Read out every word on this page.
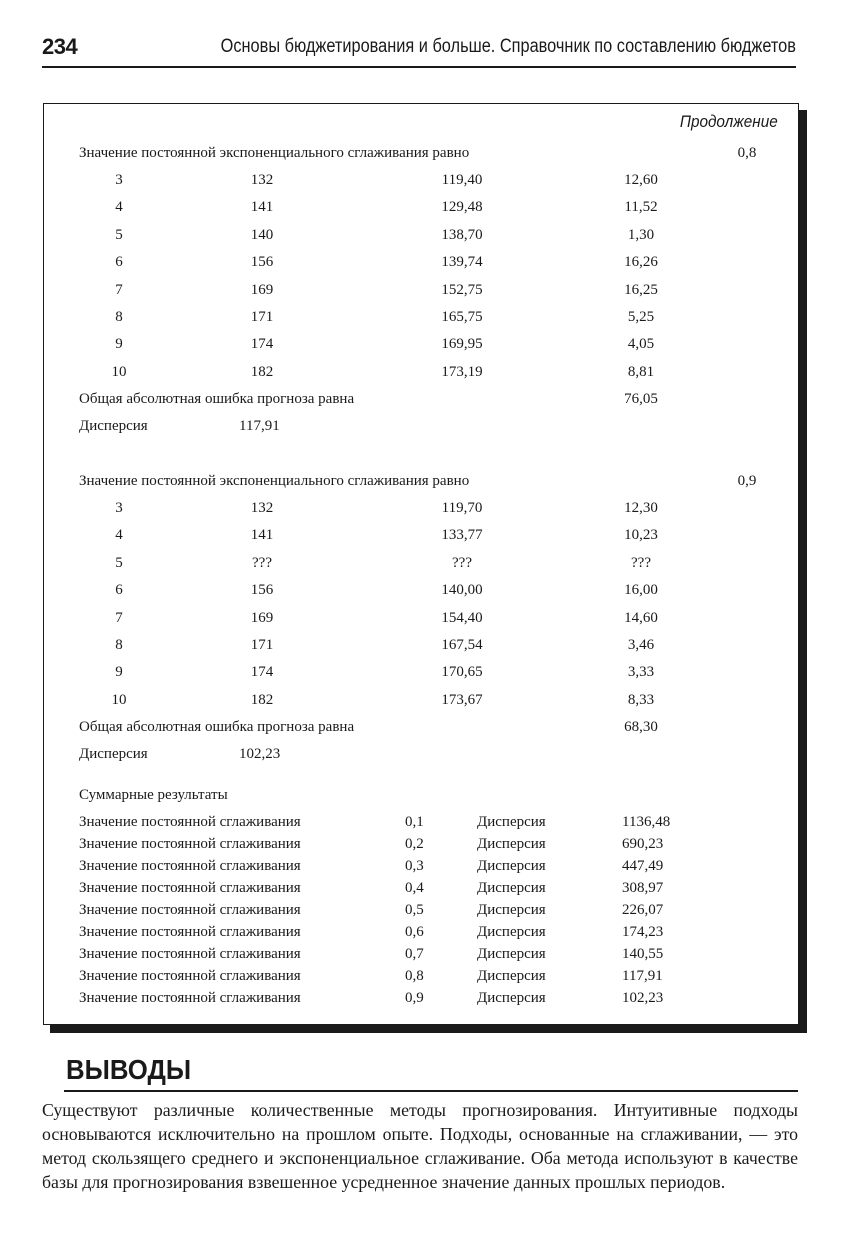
234	Основы бюджетирования и больше. Справочник по составлению бюджетов
Продолжение
Значение постоянной экспоненциального сглаживания равно	0,8
3	132	119,40	12,60
4	141	129,48	11,52
5	140	138,70	1,30
6	156	139,74	16,26
7	169	152,75	16,25
8	171	165,75	5,25
9	174	169,95	4,05
10	182	173,19	8,81
Общая абсолютная ошибка прогноза равна	76,05
Дисперсия	117,91
Значение постоянной экспоненциального сглаживания равно	0,9
3	132	119,70	12,30
4	141	133,77	10,23
5	???	???	???
6	156	140,00	16,00
7	169	154,40	14,60
8	171	167,54	3,46
9	174	170,65	3,33
10	182	173,67	8,33
Общая абсолютная ошибка прогноза равна	68,30
Дисперсия	102,23
Суммарные результаты
Значение постоянной сглаживания	0,1	Дисперсия	1136,48
Значение постоянной сглаживания	0,2	Дисперсия	690,23
Значение постоянной сглаживания	0,3	Дисперсия	447,49
Значение постоянной сглаживания	0,4	Дисперсия	308,97
Значение постоянной сглаживания	0,5	Дисперсия	226,07
Значение постоянной сглаживания	0,6	Дисперсия	174,23
Значение постоянной сглаживания	0,7	Дисперсия	140,55
Значение постоянной сглаживания	0,8	Дисперсия	117,91
Значение постоянной сглаживания	0,9	Дисперсия	102,23
ВЫВОДЫ
Существуют различные количественные методы прогнозирования. Интуитивные подходы основываются исключительно на прошлом опыте. Подходы, основанные на сглаживании, — это метод скользящего среднего и экспоненциальное сглаживание. Оба метода используют в качестве базы для прогнозирования взвешенное усредненное значение данных прошлых периодов.
